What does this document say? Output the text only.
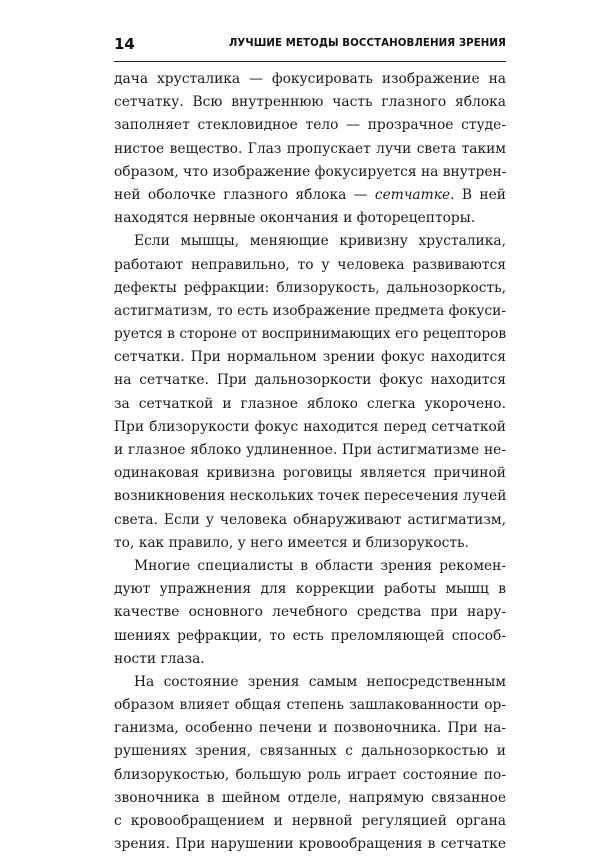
14	ЛУЧШИЕ МЕТОДЫ ВОССТАНОВЛЕНИЯ ЗРЕНИЯ
дача хрусталика — фокусировать изображение на
сетчатку. Всю внутреннюю часть глазного яблока
заполняет стекловидное тело — прозрачное студе-
нистое вещество. Глаз пропускает лучи света таким
образом, что изображение фокусируется на внутрен-
ней оболочке глазного яблока — сетчатке. В ней
находятся нервные окончания и фоторецепторы.
Если мышцы, меняющие кривизну хрусталика,
работают неправильно, то у человека развиваются
дефекты рефракции: близорукость, дальнозоркость,
астигматизм, то есть изображение предмета фокуси-
руется в стороне от воспринимающих его рецепторов
сетчатки. При нормальном зрении фокус находится
на сетчатке. При дальнозоркости фокус находится
за сетчаткой и глазное яблоко слегка укорочено.
При близорукости фокус находится перед сетчаткой
и глазное яблоко удлиненное. При астигматизме не-
одинаковая кривизна роговицы является причиной
возникновения нескольких точек пересечения лучей
света. Если у человека обнаруживают астигматизм,
то, как правило, у него имеется и близорукость.
Многие специалисты в области зрения рекомен-
дуют упражнения для коррекции работы мышц в
качестве основного лечебного средства при нару-
шениях рефракции, то есть преломляющей способ-
ности глаза.
На состояние зрения самым непосредственным
образом влияет общая степень зашлакованности ор-
ганизма, особенно печени и позвоночника. При на-
рушениях зрения, связанных с дальнозоркостью и
близорукостью, большую роль играет состояние по-
звоночника в шейном отделе, напрямую связанное
с кровообращением и нервной регуляцией органа
зрения. При нарушении кровообращения в сетчатке
